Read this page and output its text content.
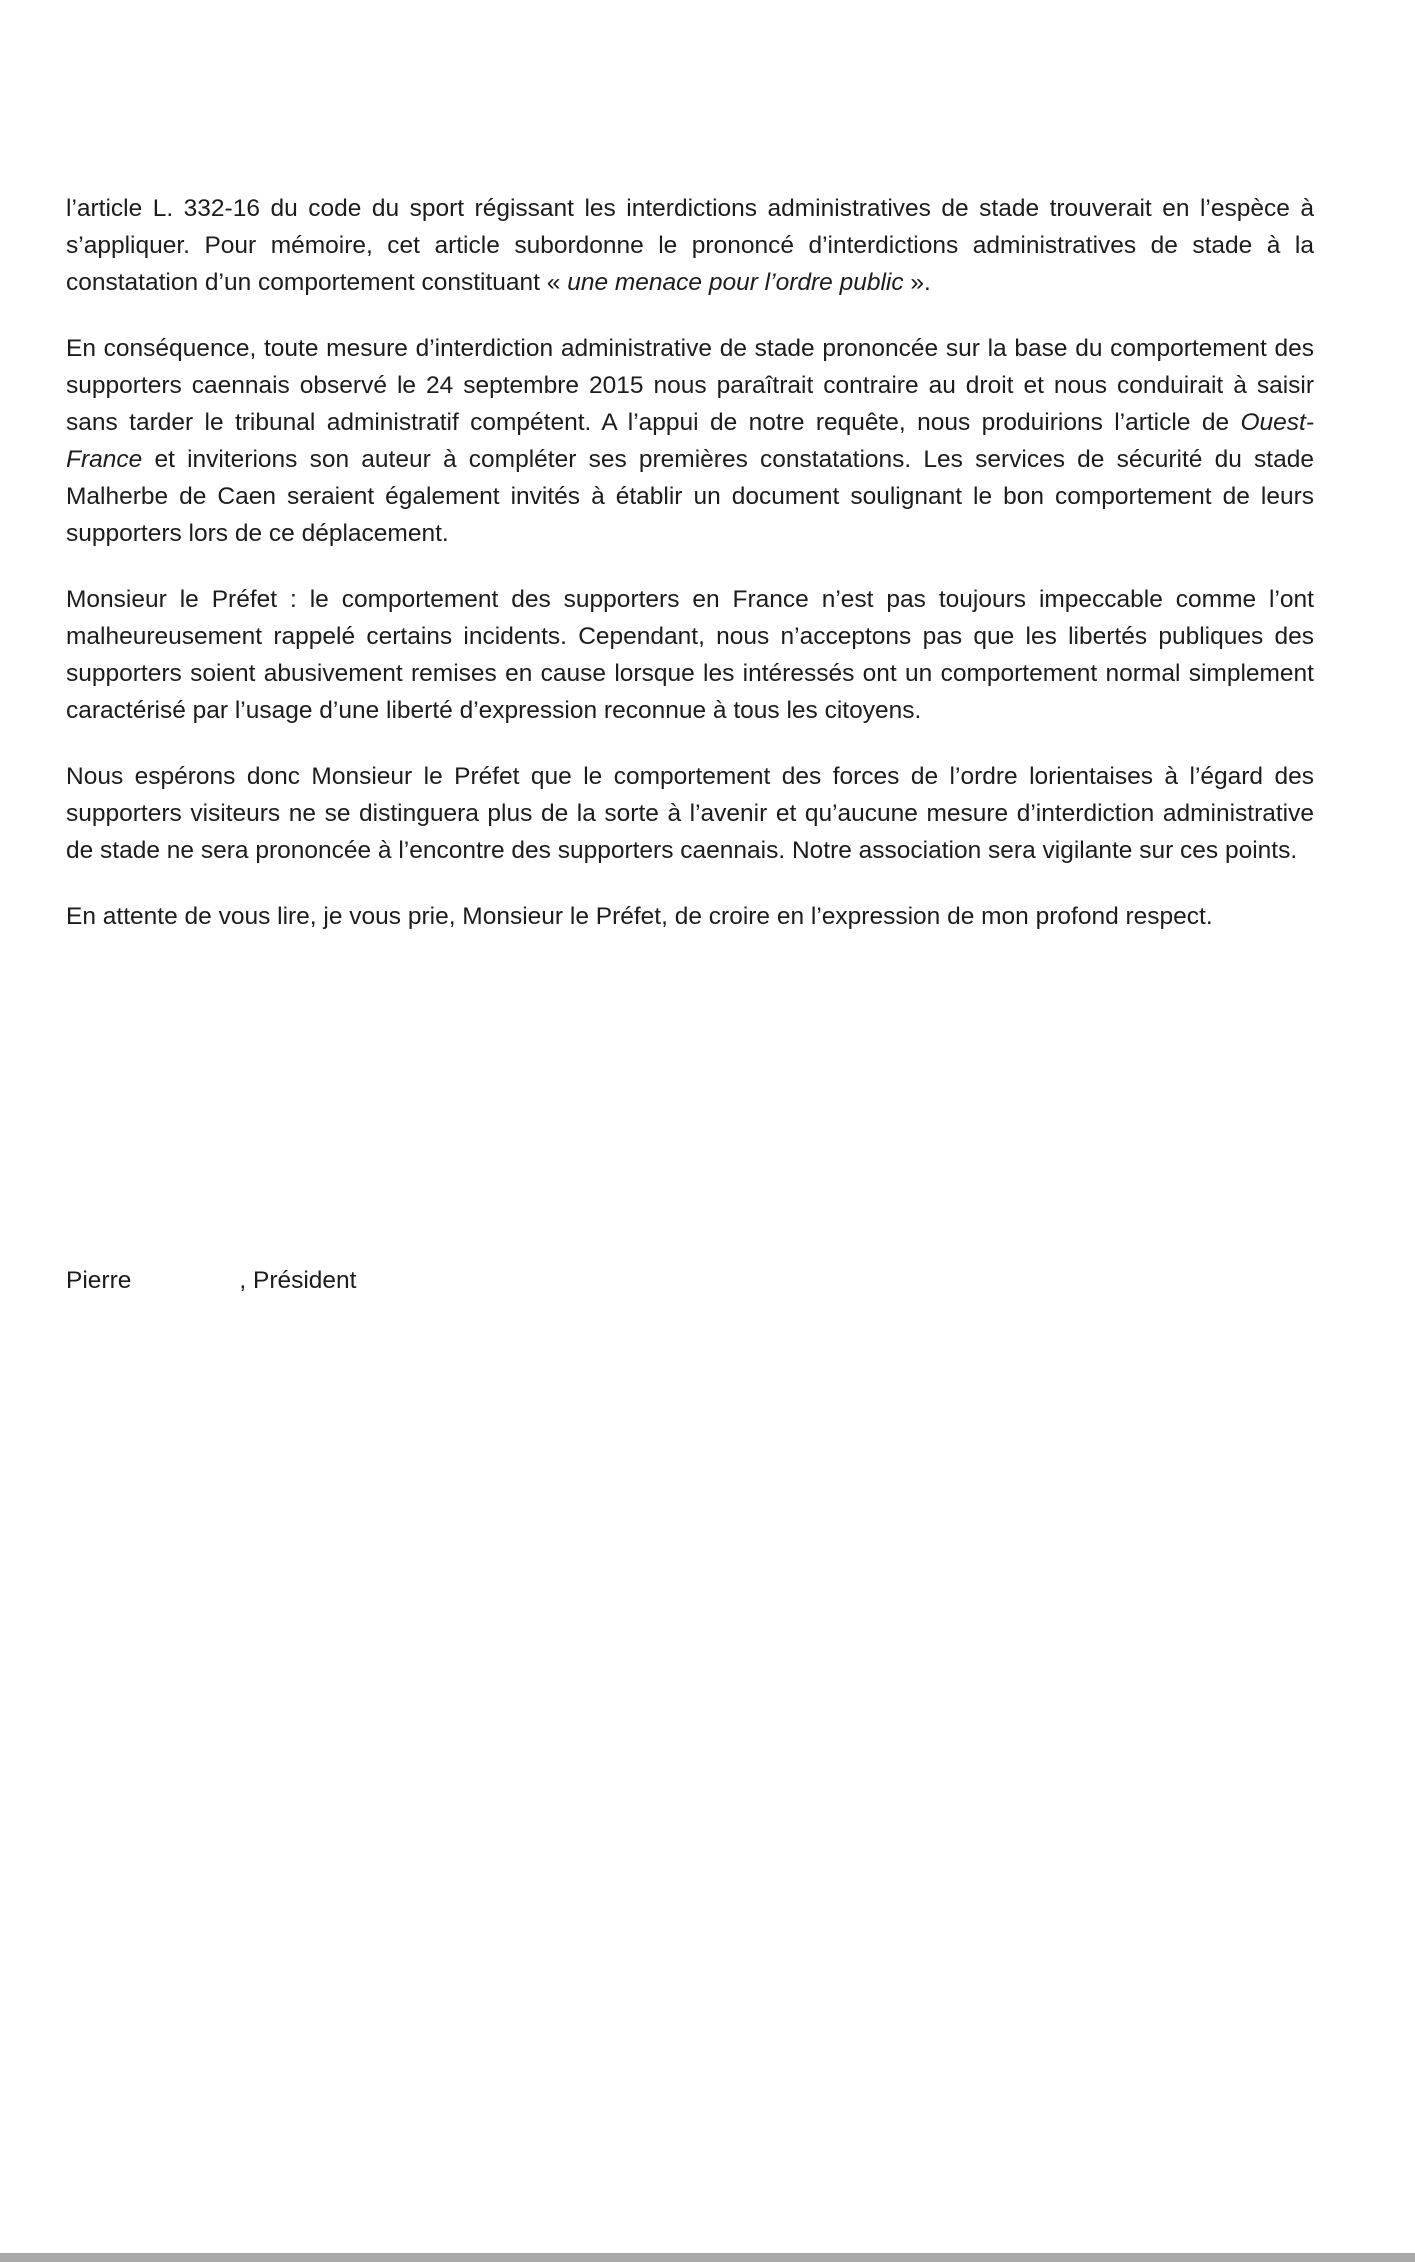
l’article L. 332-16 du code du sport régissant les interdictions administratives de stade trouverait en l’espèce à s’appliquer. Pour mémoire, cet article subordonne le prononcé d’interdictions administratives de stade à la constatation d’un comportement constituant « une menace pour l’ordre public ».

En conséquence, toute mesure d’interdiction administrative de stade prononcée sur la base du comportement des supporters caennais observé le 24 septembre 2015 nous paraîtrait contraire au droit et nous conduirait à saisir sans tarder le tribunal administratif compétent. A l’appui de notre requête, nous produirions l’article de Ouest-France et inviterions son auteur à compléter ses premières constatations. Les services de sécurité du stade Malherbe de Caen seraient également invités à établir un document soulignant le bon comportement de leurs supporters lors de ce déplacement.

Monsieur le Préfet : le comportement des supporters en France n’est pas toujours impeccable comme l’ont malheureusement rappelé certains incidents. Cependant, nous n’acceptons pas que les libertés publiques des supporters soient abusivement remises en cause lorsque les intéressés ont un comportement normal simplement caractérisé par l’usage d’une liberté d’expression reconnue à tous les citoyens.

Nous espérons donc Monsieur le Préfet que le comportement des forces de l’ordre lorientaises à l’égard des supporters visiteurs ne se distinguera plus de la sorte à l’avenir et qu’aucune mesure d’interdiction administrative de stade ne sera prononcée à l’encontre des supporters caennais. Notre association sera vigilante sur ces points.

En attente de vous lire, je vous prie, Monsieur le Préfet, de croire en l’expression de mon profond respect.

Pierre	, Président
